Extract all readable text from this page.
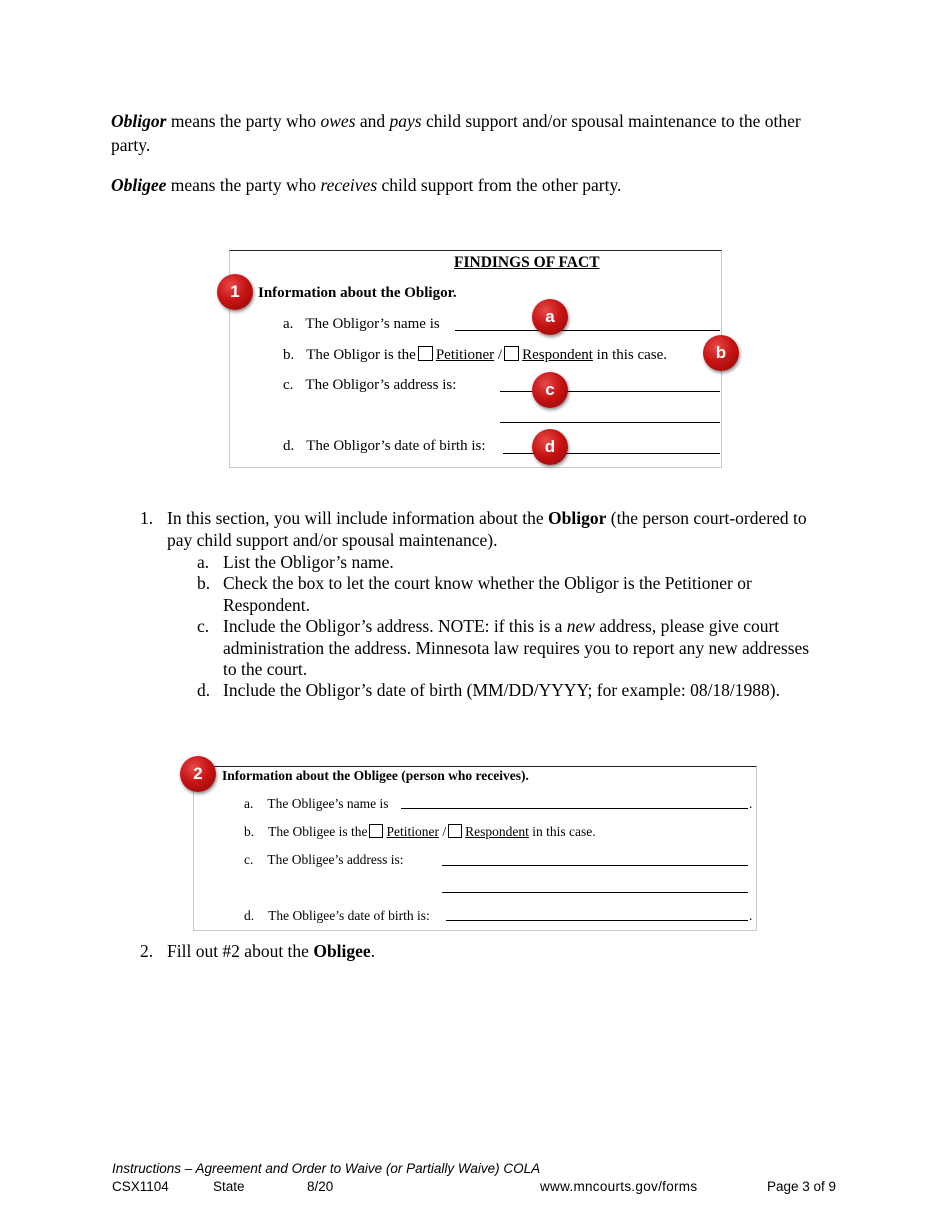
Obligor means the party who owes and pays child support and/or spousal maintenance to the other party.
Obligee means the party who receives child support from the other party.
FINDINGS OF FACT
Information about the Obligor.
a. The Obligor’s name is
b. The Obligor is the Petitioner / Respondent in this case.
c. The Obligor’s address is:
d. The Obligor’s date of birth is:
1
a
b
c
d
1. In this section, you will include information about the Obligor (the person court-ordered to pay child support and/or spousal maintenance).
a. List the Obligor’s name.
b. Check the box to let the court know whether the Obligor is the Petitioner or Respondent.
c. Include the Obligor’s address. NOTE: if this is a new address, please give court administration the address. Minnesota law requires you to report any new addresses to the court.
d. Include the Obligor’s date of birth (MM/DD/YYYY; for example: 08/18/1988).
Information about the Obligee (person who receives).
a. The Obligee’s name is	.
b. The Obligee is the Petitioner / Respondent in this case.
c. The Obligee’s address is:
d. The Obligee’s date of birth is:	.
2
2. Fill out #2 about the Obligee.
Instructions – Agreement and Order to Waive (or Partially Waive) COLA
CSX1104	State	8/20	www.mncourts.gov/forms	Page 3 of 9
